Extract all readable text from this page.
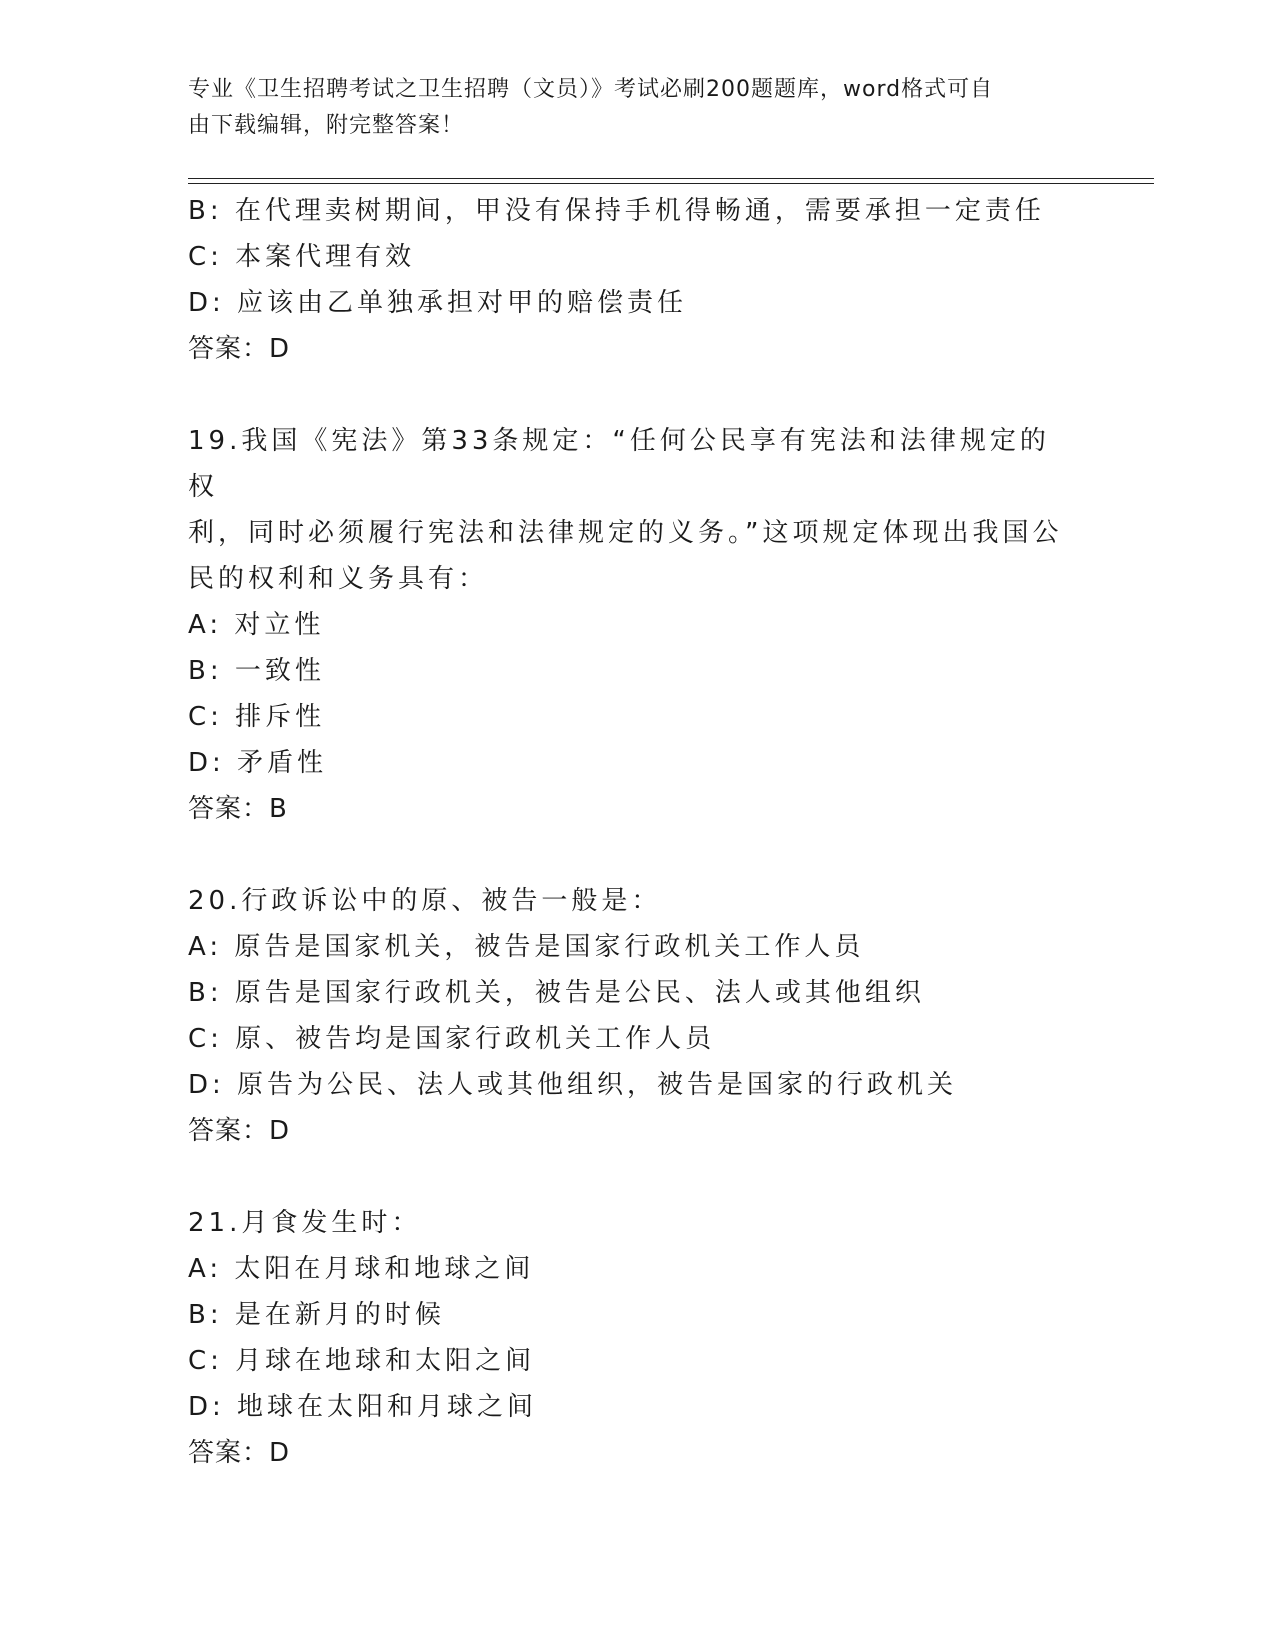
专业《卫生招聘考试之卫生招聘（文员）》考试必刷200题题库，word格式可自
由下载编辑，附完整答案！
B: 在代理卖树期间，甲没有保持手机得畅通，需要承担一定责任
C: 本案代理有效
D: 应该由乙单独承担对甲的赔偿责任
答案：D
19.我国《宪法》第33条规定：“任何公民享有宪法和法律规定的权
利，同时必须履行宪法和法律规定的义务。”这项规定体现出我国公
民的权利和义务具有：
A: 对立性
B: 一致性
C: 排斥性
D: 矛盾性
答案：B
20.行政诉讼中的原、被告一般是：
A: 原告是国家机关，被告是国家行政机关工作人员
B: 原告是国家行政机关，被告是公民、法人或其他组织
C: 原、被告均是国家行政机关工作人员
D: 原告为公民、法人或其他组织，被告是国家的行政机关
答案：D
21.月食发生时：
A: 太阳在月球和地球之间
B: 是在新月的时候
C: 月球在地球和太阳之间
D: 地球在太阳和月球之间
答案：D
